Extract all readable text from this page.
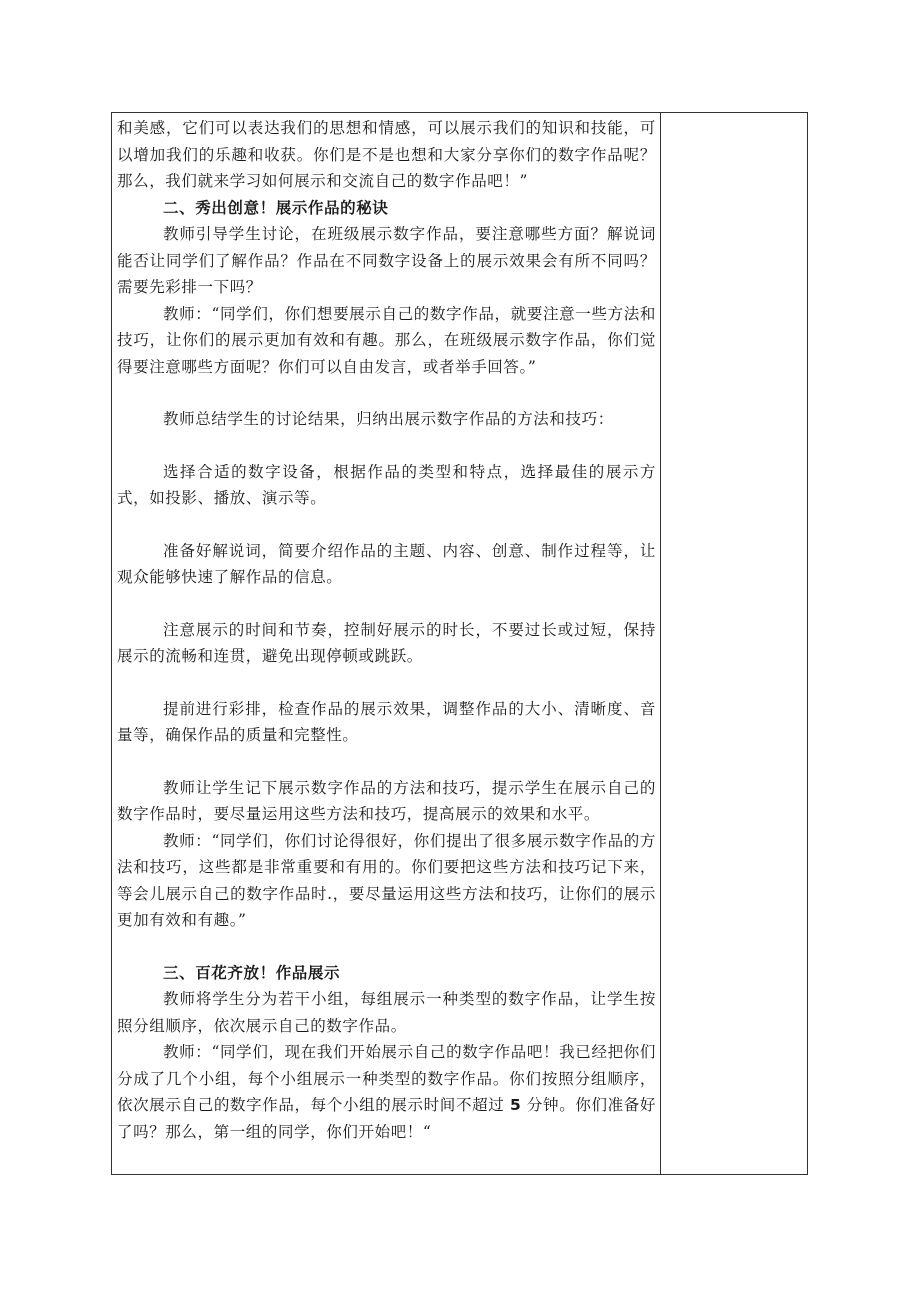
和美感，它们可以表达我们的思想和情感，可以展示我们的知识和技能，可以增加我们的乐趣和收获。你们是不是也想和大家分享你们的数字作品呢？那么，我们就来学习如何展示和交流自己的数字作品吧！”

二、秀出创意！展示作品的秘诀

教师引导学生讨论，在班级展示数字作品，要注意哪些方面？解说词能否让同学们了解作品？作品在不同数字设备上的展示效果会有所不同吗？需要先彩排一下吗？

教师：“同学们，你们想要展示自己的数字作品，就要注意一些方法和技巧，让你们的展示更加有效和有趣。那么，在班级展示数字作品，你们觉得要注意哪些方面呢？你们可以自由发言，或者举手回答。”

教师总结学生的讨论结果，归纳出展示数字作品的方法和技巧：

选择合适的数字设备，根据作品的类型和特点，选择最佳的展示方式，如投影、播放、演示等。

准备好解说词，简要介绍作品的主题、内容、创意、制作过程等，让观众能够快速了解作品的信息。

注意展示的时间和节奏，控制好展示的时长，不要过长或过短，保持展示的流畅和连贯，避免出现停顿或跳跃。

提前进行彩排，检查作品的展示效果，调整作品的大小、清晰度、音量等，确保作品的质量和完整性。

教师让学生记下展示数字作品的方法和技巧，提示学生在展示自己的数字作品时，要尽量运用这些方法和技巧，提高展示的效果和水平。

教师：“同学们，你们讨论得很好，你们提出了很多展示数字作品的方法和技巧，这些都是非常重要和有用的。你们要把这些方法和技巧记下来，等会儿展示自己的数字作品时.，要尽量运用这些方法和技巧，让你们的展示更加有效和有趣。”

三、百花齐放！作品展示

教师将学生分为若干小组，每组展示一种类型的数字作品，让学生按照分组顺序，依次展示自己的数字作品。

教师：“同学们，现在我们开始展示自己的数字作品吧！我已经把你们分成了几个小组，每个小组展示一种类型的数字作品。你们按照分组顺序，依次展示自己的数字作品，每个小组的展示时间不超过 5 分钟。你们准备好了吗？那么，第一组的同学，你们开始吧！“
